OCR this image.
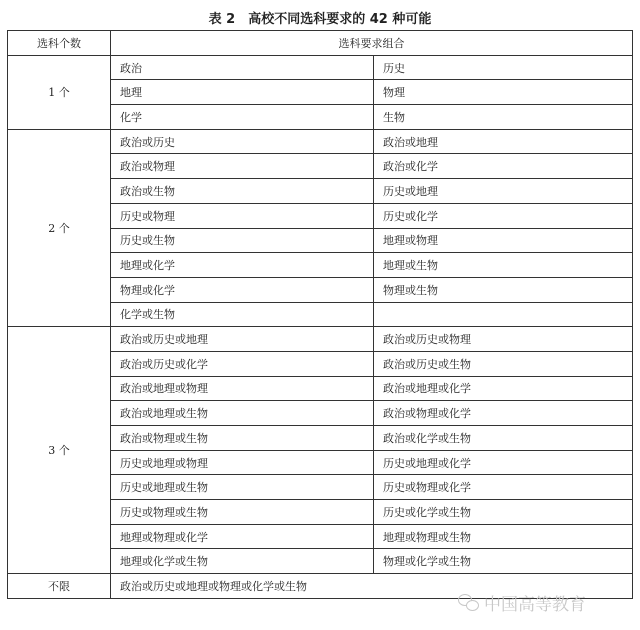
表 2　高校不同选科要求的 42 种可能
选科个数	选科要求组合	
1 个	政治	历史
	地理	物理
	化学	生物
2 个	政治或历史	政治或地理
	政治或物理	政治或化学
	政治或生物	历史或地理
	历史或物理	历史或化学
	历史或生物	地理或物理
	地理或化学	地理或生物
	物理或化学	物理或生物
	化学或生物	
3 个	政治或历史或地理	政治或历史或物理
	政治或历史或化学	政治或历史或生物
	政治或地理或物理	政治或地理或化学
	政治或地理或生物	政治或物理或化学
	政治或物理或生物	政治或化学或生物
	历史或地理或物理	历史或地理或化学
	历史或地理或生物	历史或物理或化学
	历史或物理或生物	历史或化学或生物
	地理或物理或化学	地理或物理或生物
	地理或化学或生物	物理或化学或生物
不限	政治或历史或地理或物理或化学或生物	
中国高等教育
